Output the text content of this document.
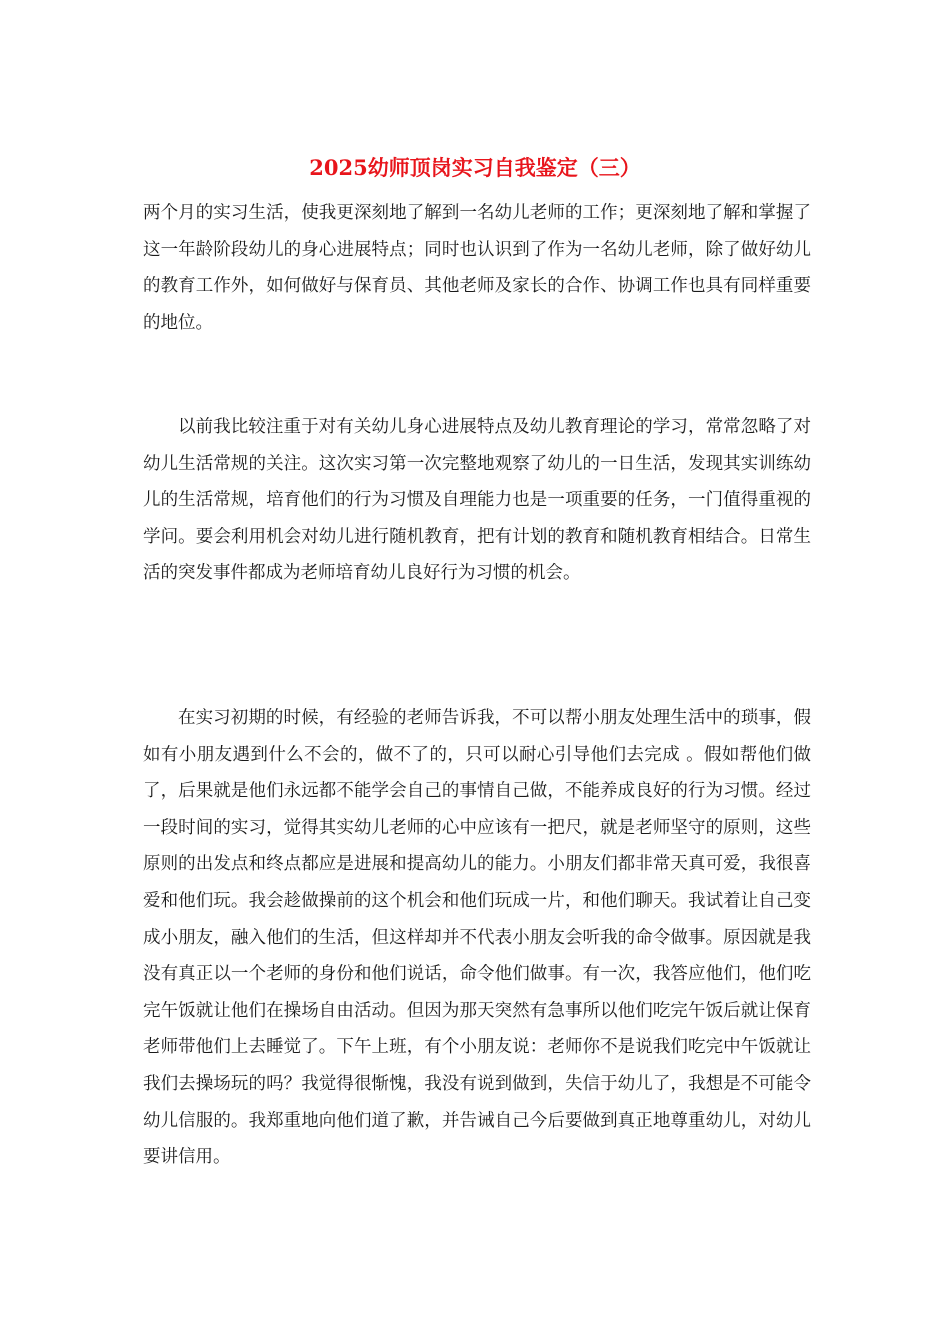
2025幼师顶岗实习自我鉴定（三）

两个月的实习生活，使我更深刻地了解到一名幼儿老师的工作；更深刻地了解和掌握了这一年龄阶段幼儿的身心进展特点；同时也认识到了作为一名幼儿老师，除了做好幼儿的教育工作外，如何做好与保育员、其他老师及家长的合作、协调工作也具有同样重要的地位。

以前我比较注重于对有关幼儿身心进展特点及幼儿教育理论的学习，常常忽略了对幼儿生活常规的关注。这次实习第一次完整地观察了幼儿的一日生活，发现其实训练幼儿的生活常规，培育他们的行为习惯及自理能力也是一项重要的任务，一门值得重视的学问。要会利用机会对幼儿进行随机教育，把有计划的教育和随机教育相结合。日常生活的突发事件都成为老师培育幼儿良好行为习惯的机会。

在实习初期的时候，有经验的老师告诉我，不可以帮小朋友处理生活中的琐事，假如有小朋友遇到什么不会的，做不了的，只可以耐心引导他们去完成 。假如帮他们做了，后果就是他们永远都不能学会自己的事情自己做，不能养成良好的行为习惯。经过一段时间的实习，觉得其实幼儿老师的心中应该有一把尺，就是老师坚守的原则，这些原则的出发点和终点都应是进展和提高幼儿的能力。小朋友们都非常天真可爱，我很喜爱和他们玩。我会趁做操前的这个机会和他们玩成一片，和他们聊天。我试着让自己变成小朋友，融入他们的生活，但这样却并不代表小朋友会听我的命令做事。原因就是我没有真正以一个老师的身份和他们说话，命令他们做事。有一次，我答应他们，他们吃完午饭就让他们在操场自由活动。但因为那天突然有急事所以他们吃完午饭后就让保育老师带他们上去睡觉了。下午上班，有个小朋友说：老师你不是说我们吃完中午饭就让我们去操场玩的吗？我觉得很惭愧，我没有说到做到，失信于幼儿了，我想是不可能令幼儿信服的。我郑重地向他们道了歉，并告诫自己今后要做到真正地尊重幼儿，对幼儿要讲信用。
